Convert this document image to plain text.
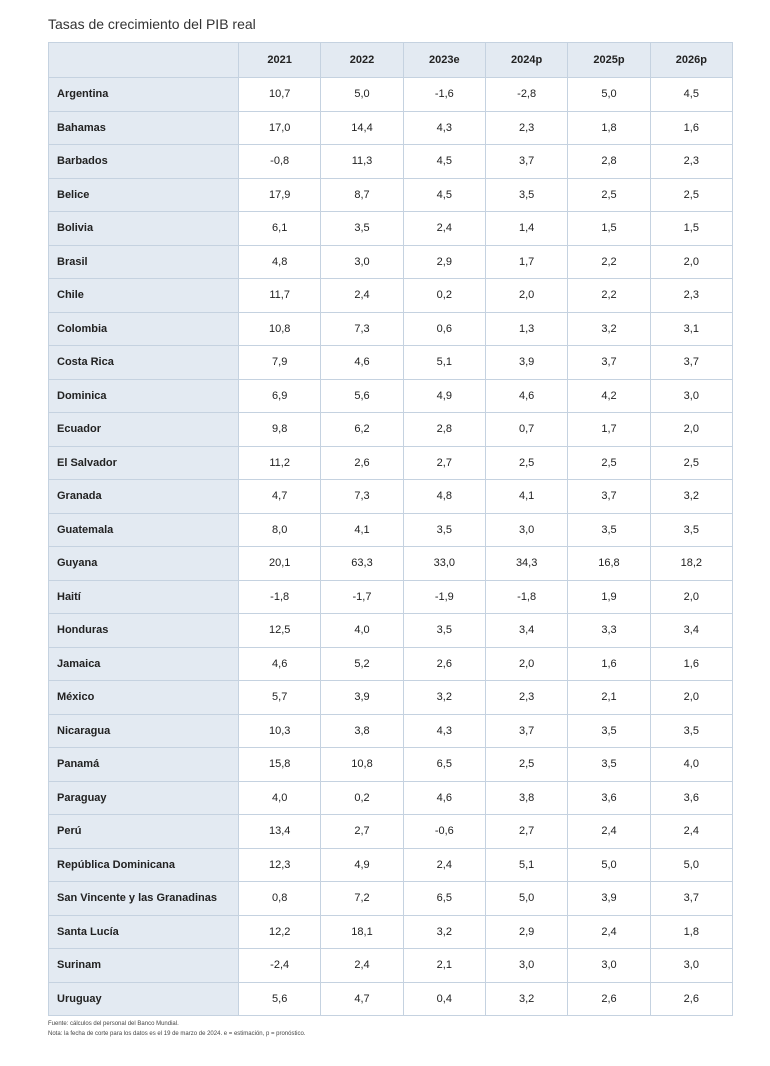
Tasas de crecimiento del PIB real
	2021	2022	2023e	2024p	2025p	2026p
Argentina	10,7	5,0	-1,6	-2,8	5,0	4,5
Bahamas	17,0	14,4	4,3	2,3	1,8	1,6
Barbados	-0,8	11,3	4,5	3,7	2,8	2,3
Belice	17,9	8,7	4,5	3,5	2,5	2,5
Bolivia	6,1	3,5	2,4	1,4	1,5	1,5
Brasil	4,8	3,0	2,9	1,7	2,2	2,0
Chile	11,7	2,4	0,2	2,0	2,2	2,3
Colombia	10,8	7,3	0,6	1,3	3,2	3,1
Costa Rica	7,9	4,6	5,1	3,9	3,7	3,7
Dominica	6,9	5,6	4,9	4,6	4,2	3,0
Ecuador	9,8	6,2	2,8	0,7	1,7	2,0
El Salvador	11,2	2,6	2,7	2,5	2,5	2,5
Granada	4,7	7,3	4,8	4,1	3,7	3,2
Guatemala	8,0	4,1	3,5	3,0	3,5	3,5
Guyana	20,1	63,3	33,0	34,3	16,8	18,2
Haití	-1,8	-1,7	-1,9	-1,8	1,9	2,0
Honduras	12,5	4,0	3,5	3,4	3,3	3,4
Jamaica	4,6	5,2	2,6	2,0	1,6	1,6
México	5,7	3,9	3,2	2,3	2,1	2,0
Nicaragua	10,3	3,8	4,3	3,7	3,5	3,5
Panamá	15,8	10,8	6,5	2,5	3,5	4,0
Paraguay	4,0	0,2	4,6	3,8	3,6	3,6
Perú	13,4	2,7	-0,6	2,7	2,4	2,4
República Dominicana	12,3	4,9	2,4	5,1	5,0	5,0
San Vincente y las Granadinas	0,8	7,2	6,5	5,0	3,9	3,7
Santa Lucía	12,2	18,1	3,2	2,9	2,4	1,8
Surinam	-2,4	2,4	2,1	3,0	3,0	3,0
Uruguay	5,6	4,7	0,4	3,2	2,6	2,6
Fuente: cálculos del personal del Banco Mundial.
Nota: la fecha de corte para los datos es el 19 de marzo de 2024. e = estimación, p = pronóstico.
